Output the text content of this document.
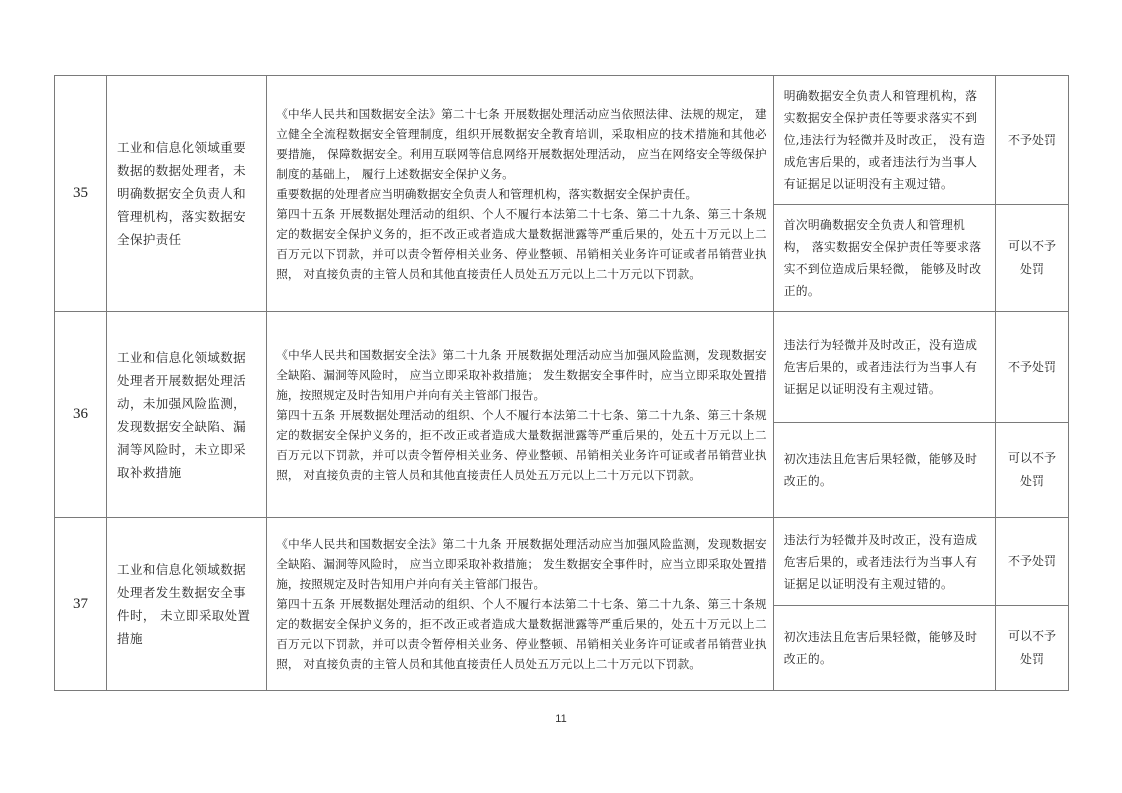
35	工业和信息化领域重要数据的数据处理者，未明确数据安全负责人和管理机构，落实数据安全保护责任	《中华人民共和国数据安全法》第二十七条 开展数据处理活动应当依照法律、法规的规定， 建立健全全流程数据安全管理制度，组织开展数据安全教育培训，采取相应的技术措施和其他必要措施， 保障数据安全。利用互联网等信息网络开展数据处理活动， 应当在网络安全等级保护制度的基础上， 履行上述数据安全保护义务。

重要数据的处理者应当明确数据安全负责人和管理机构，落实数据安全保护责任。

第四十五条 开展数据处理活动的组织、个人不履行本法第二十七条、第二十九条、第三十条规定的数据安全保护义务的，拒不改正或者造成大量数据泄露等严重后果的，处五十万元以上二百万元以下罚款，并可以责令暂停相关业务、停业整顿、吊销相关业务许可证或者吊销营业执照， 对直接负责的主管人员和其他直接责任人员处五万元以上二十万元以下罚款。	明确数据安全负责人和管理机构，落实数据安全保护责任等要求落实不到位,违法行为轻微并及时改正， 没有造成危害后果的，或者违法行为当事人有证据足以证明没有主观过错。	不予处罚

			首次明确数据安全负责人和管理机构， 落实数据安全保护责任等要求落实不到位造成后果轻微， 能够及时改正的。	可以不予处罚

36	工业和信息化领域数据处理者开展数据处理活动，未加强风险监测，发现数据安全缺陷、漏洞等风险时，未立即采取补救措施	《中华人民共和国数据安全法》第二十九条 开展数据处理活动应当加强风险监测，发现数据安全缺陷、漏洞等风险时， 应当立即采取补救措施； 发生数据安全事件时，应当立即采取处置措施，按照规定及时告知用户并向有关主管部门报告。

第四十五条 开展数据处理活动的组织、个人不履行本法第二十七条、第二十九条、第三十条规定的数据安全保护义务的，拒不改正或者造成大量数据泄露等严重后果的，处五十万元以上二百万元以下罚款，并可以责令暂停相关业务、停业整顿、吊销相关业务许可证或者吊销营业执照， 对直接负责的主管人员和其他直接责任人员处五万元以上二十万元以下罚款。	违法行为轻微并及时改正，没有造成危害后果的，或者违法行为当事人有证据足以证明没有主观过错。	不予处罚

			初次违法且危害后果轻微，能够及时改正的。	可以不予处罚

37	工业和信息化领域数据处理者发生数据安全事件时， 未立即采取处置措施	《中华人民共和国数据安全法》第二十九条 开展数据处理活动应当加强风险监测，发现数据安全缺陷、漏洞等风险时， 应当立即采取补救措施； 发生数据安全事件时，应当立即采取处置措施，按照规定及时告知用户并向有关主管部门报告。

第四十五条 开展数据处理活动的组织、个人不履行本法第二十七条、第二十九条、第三十条规定的数据安全保护义务的，拒不改正或者造成大量数据泄露等严重后果的，处五十万元以上二百万元以下罚款，并可以责令暂停相关业务、停业整顿、吊销相关业务许可证或者吊销营业执照， 对直接负责的主管人员和其他直接责任人员处五万元以上二十万元以下罚款。	违法行为轻微并及时改正，没有造成危害后果的，或者违法行为当事人有证据足以证明没有主观过错的。	不予处罚

			初次违法且危害后果轻微，能够及时改正的。	可以不予处罚
11
